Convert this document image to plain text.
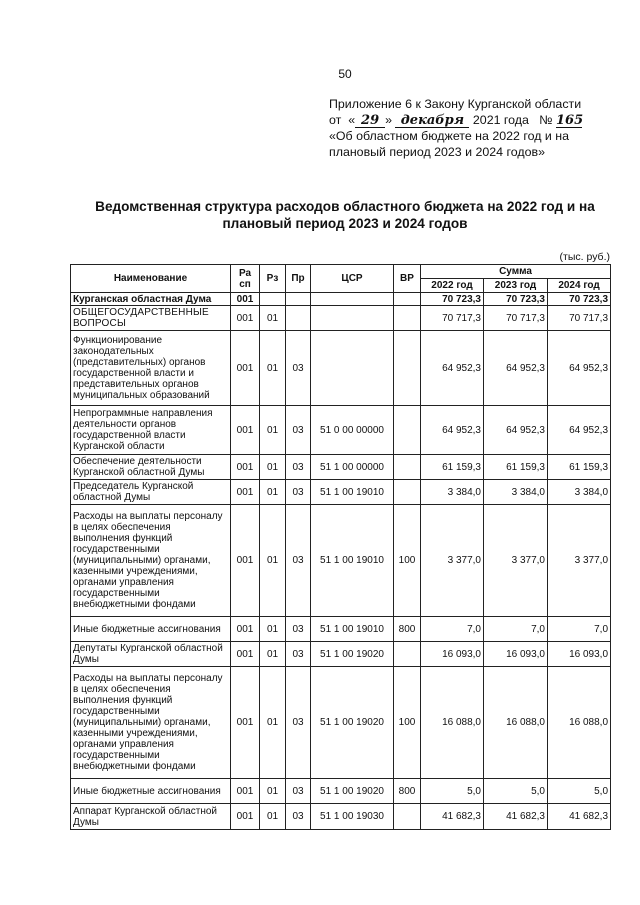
50
Приложение 6 к Закону Курганской области
от « 29 » декабря 2021 года № 165
«Об областном бюджете на 2022 год и на
плановый период 2023 и 2024 годов»
Ведомственная структура расходов областного бюджета на 2022 год и на
плановый период 2023 и 2024 годов
(тыс. руб.)
Наименование	Ра сп	Рз	Пр	ЦСР	ВР	Сумма		
						2022 год	2023 год	2024 год
Курганская областная Дума	001					70 723,3	70 723,3	70 723,3
ОБЩЕГОСУДАРСТВЕННЫЕ ВОПРОСЫ	001	01				70 717,3	70 717,3	70 717,3
Функционирование законодательных (представительных) органов государственной власти и представительных органов муниципальных образований	001	01	03			64 952,3	64 952,3	64 952,3
Непрограммные направления деятельности органов государственной власти Курганской области	001	01	03	51 0 00 00000		64 952,3	64 952,3	64 952,3
Обеспечение деятельности Курганской областной Думы	001	01	03	51 1 00 00000		61 159,3	61 159,3	61 159,3
Председатель Курганской областной Думы	001	01	03	51 1 00 19010		3 384,0	3 384,0	3 384,0
Расходы на выплаты персоналу в целях обеспечения выполнения функций государственными (муниципальными) органами, казенными учреждениями, органами управления государственными внебюджетными фондами	001	01	03	51 1 00 19010	100	3 377,0	3 377,0	3 377,0
Иные бюджетные ассигнования	001	01	03	51 1 00 19010	800	7,0	7,0	7,0
Депутаты Курганской областной Думы	001	01	03	51 1 00 19020		16 093,0	16 093,0	16 093,0
Расходы на выплаты персоналу в целях обеспечения выполнения функций государственными (муниципальными) органами, казенными учреждениями, органами управления государственными внебюджетными фондами	001	01	03	51 1 00 19020	100	16 088,0	16 088,0	16 088,0
Иные бюджетные ассигнования	001	01	03	51 1 00 19020	800	5,0	5,0	5,0
Аппарат Курганской областной Думы	001	01	03	51 1 00 19030		41 682,3	41 682,3	41 682,3
